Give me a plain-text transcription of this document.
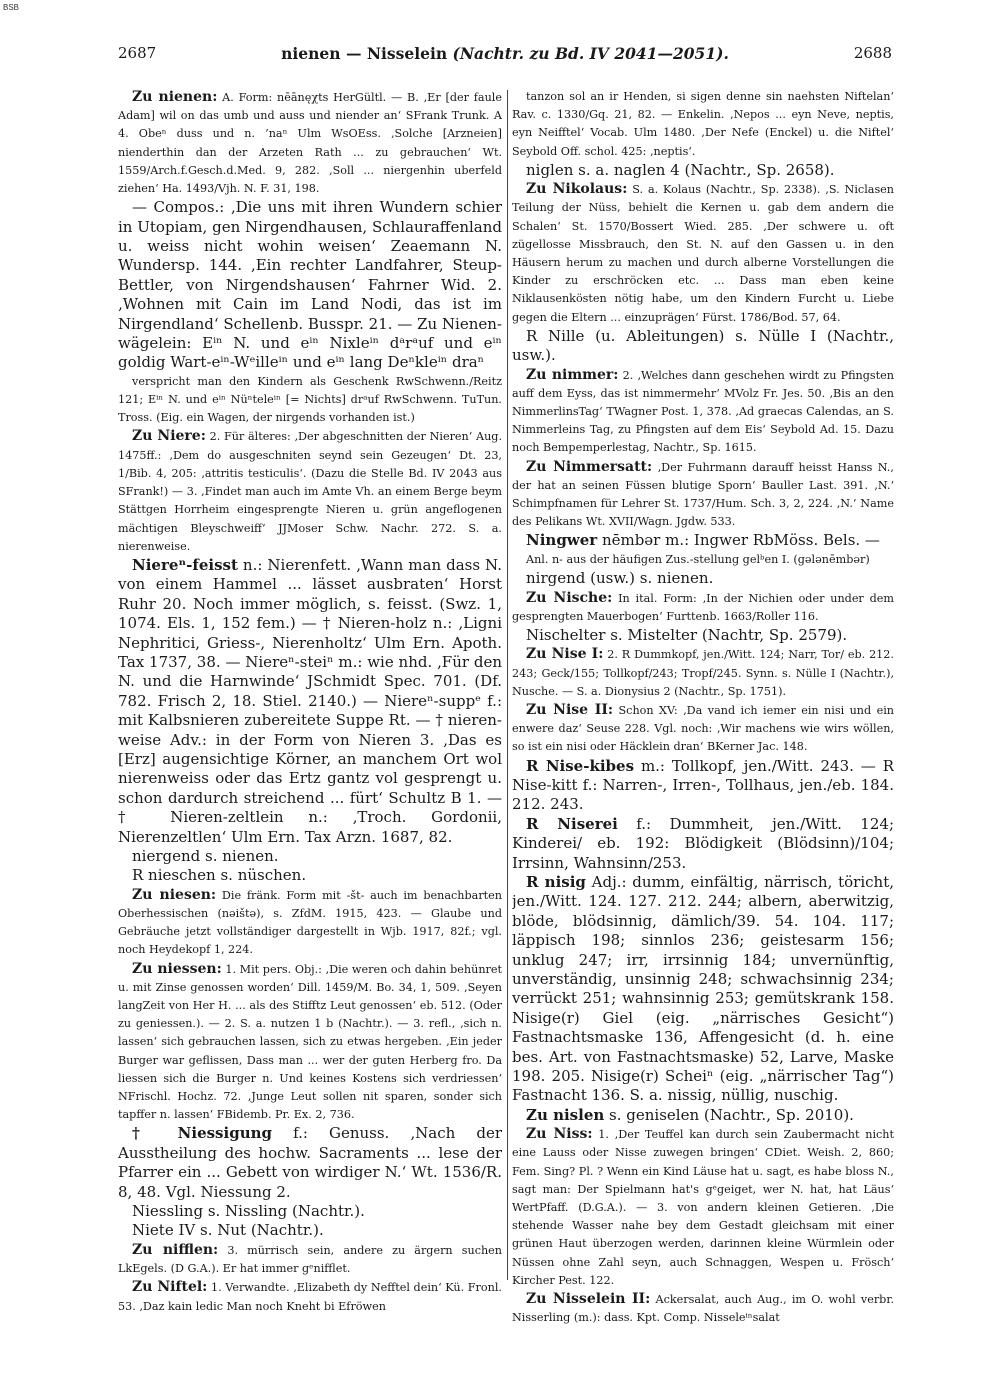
BSB
2687	nienen — Nisselein (Nachtr. zu Bd. IV 2041—2051).	2688

Zu nienen: A. Form: nēānęχts HerGültl. — B. ‚Er [der faule Adam] wil on das umb und auss und niender an‘ SFrank Trunk. A 4. Obeⁿ duss und n. ’naⁿ Ulm WsOEss. ‚Solche [Arzneien] nienderthin dan der Arzeten Rath ... zu gebrauchen‘ Wt. 1559/Arch.f.Gesch.d.Med. 9, 282. ‚Soll ... niergenhin uberfeld ziehen‘ Ha. 1493/Vjh. N. F. 31, 198.

— Compos.: ‚Die uns mit ihren Wundern schier in Utopiam, gen Nirgendhausen, Schlauraffenland u. weiss nicht wohin weisen‘ Zeaemann N. Wundersp. 144. ‚Ein rechter Landfahrer, Steup-Bettler, von Nirgendshausen‘ Fahrner Wid. 2. ‚Wohnen mit Cain im Land Nodi, das ist im Nirgendland‘ Schellenb. Busspr. 21. — Zu Nienen-wägelein: Eⁱⁿ N. und eⁱⁿ Nixleⁱⁿ dᵃrᵃuf und eⁱⁿ goldig Wart-eⁱⁿ-Wᵉilleⁱⁿ und eⁱⁿ lang Deⁿkleⁱⁿ draⁿ

verspricht man den Kindern als Geschenk RwSchwenn./Reitz 121; Eⁱⁿ N. und eⁱⁿ Nüⁿteleⁱⁿ [= Nichts] drᵃuf RwSchwenn. TuTun. Tross. (Eig. ein Wagen, der nirgends vorhanden ist.)

Zu Niere: 2. Für älteres: ‚Der abgeschnitten der Nieren‘ Aug. 1475ff.: ‚Dem do ausgeschniten seynd sein Gezeugen‘ Dt. 23, 1/Bib. 4, 205: ‚attritis testiculis‘. (Dazu die Stelle Bd. IV 2043 aus SFrank!) — 3. ‚Findet man auch im Amte Vh. an einem Berge beym Stättgen Horrheim eingesprengte Nieren u. grün angeflogenen mächtigen Bleyschweiff‘ JJMoser Schw. Nachr. 272. S. a. nierenweise.

Niereⁿ-feisst n.: Nierenfett. ‚Wann man dass N. von einem Hammel ... lässet ausbraten‘ Horst Ruhr 20. Noch immer möglich, s. feisst. (Swz. 1, 1074. Els. 1, 152 fem.) — † Nieren-holz n.: ‚Ligni Nephritici, Griess-, Nierenholtz‘ Ulm Ern. Apoth. Tax 1737, 38. — Niereⁿ-steiⁿ m.: wie nhd. ‚Für den N. und die Harnwinde‘ JSchmidt Spec. 701. (Df. 782. Frisch 2, 18. Stiel. 2140.) — Niereⁿ-suppᵉ f.: mit Kalbsnieren zubereitete Suppe Rt. — † nieren-weise Adv.: in der Form von Nieren 3. ‚Das es [Erz] augensichtige Körner, an manchem Ort wol nierenweiss oder das Ertz gantz vol gesprengt u. schon dardurch streichend ... fürt‘ Schultz B 1. — † Nieren-zeltlein n.: ‚Troch. Gordonii, Nierenzeltlen‘ Ulm Ern. Tax Arzn. 1687, 82.

niergend s. nienen.

R nieschen s. nüschen.

Zu niesen: Die fränk. Form mit -št- auch im benachbarten Oberhessischen (nəištə), s. ZfdM. 1915, 423. — Glaube und Gebräuche jetzt vollständiger dargestellt in Wjb. 1917, 82f.; vgl. noch Heydekopf 1, 224.

Zu niessen: 1. Mit pers. Obj.: ‚Die weren och dahin behünret u. mit Zinse genossen worden‘ Dill. 1459/M. Bo. 34, 1, 509. ‚Seyen langZeit von Her H. ... als des Stifftz Leut genossen‘ eb. 512. (Oder zu geniessen.). — 2. S. a. nutzen 1 b (Nachtr.). — 3. refl., ‚sich n. lassen‘ sich gebrauchen lassen, sich zu etwas hergeben. ‚Ein jeder Burger war geflissen, Dass man ... wer der guten Herberg fro. Da liessen sich die Burger n. Und keines Kostens sich verdriessen‘ NFrischl. Hochz. 72. ‚Junge Leut sollen nit sparen, sonder sich tapffer n. lassen‘ FBidemb. Pr. Ex. 2, 736.

† Niessigung f.: Genuss. ‚Nach der Ausstheilung des hochw. Sacraments ... lese der Pfarrer ein ... Gebett von wirdiger N.‘ Wt. 1536/R. 8, 48. Vgl. Niessung 2.

Niessling s. Nissling (Nachtr.).

Niete IV s. Nut (Nachtr.).

Zu nifflen: 3. mürrisch sein, andere zu ärgern suchen LkEgels. (D G.A.). Er hat immer gᵉnifflet.

Zu Niftel: 1. Verwandte. ‚Elizabeth dy Nefftel dein‘ Kü. Fronl. 53. ‚Daz kain ledic Man noch Kneht bi Efröwen

tanzon sol an ir Henden, si sigen denne sin naehsten Niftelan‘ Rav. c. 1330/Gq. 21, 82. — Enkelin. ‚Nepos ... eyn Neve, neptis, eyn Neifftel‘ Vocab. Ulm 1480. ‚Der Nefe (Enckel) u. die Niftel‘ Seybold Off. schol. 425: ‚neptis‘.

niglen s. a. naglen 4 (Nachtr., Sp. 2658).

Zu Nikolaus: S. a. Kolaus (Nachtr., Sp. 2338). ‚S. Niclasen Teilung der Nüss, behielt die Kernen u. gab dem andern die Schalen‘ St. 1570/Bossert Wied. 285. ‚Der schwere u. oft zügellosse Missbrauch, den St. N. auf den Gassen u. in den Häusern herum zu machen und durch alberne Vorstellungen die Kinder zu erschröcken etc. ... Dass man eben keine Niklausenkösten nötig habe, um den Kindern Furcht u. Liebe gegen die Eltern ... einzuprägen‘ Fürst. 1786/Bod. 57, 64.

R Nille (u. Ableitungen) s. Nülle I (Nachtr., usw.).

Zu nimmer: 2. ‚Welches dann geschehen wirdt zu Pfingsten auff dem Eyss, das ist nimmermehr‘ MVolz Fr. Jes. 50. ‚Bis an den NimmerlinsTag‘ TWagner Post. 1, 378. ‚Ad graecas Calendas, an S. Nimmerleins Tag, zu Pfingsten auf dem Eis‘ Seybold Ad. 15. Dazu noch Bempemperlestag, Nachtr., Sp. 1615.

Zu Nimmersatt: ‚Der Fuhrmann darauff heisst Hanss N., der hat an seinen Füssen blutige Sporn‘ Bauller Last. 391. ‚N.‘ Schimpfnamen für Lehrer St. 1737/Hum. Sch. 3, 2, 224. ‚N.‘ Name des Pelikans Wt. XVII/Wagn. Jgdw. 533.

Ningwer nēmbər m.: Ingwer RbMöss. Bels. —

Anl. n- aus der häufigen Zus.-stellung gelᵇen I. (gələnēmbər)

nirgend (usw.) s. nienen.

Zu Nische: In ital. Form: ‚In der Nichien oder under dem gesprengten Mauerbogen‘ Furttenb. 1663/Roller 116.

Nischelter s. Mistelter (Nachtr, Sp. 2579).

Zu Nise I: 2. R Dummkopf, jen./Witt. 124; Narr, Tor/ eb. 212. 243; Geck/155; Tollkopf/243; Tropf/245. Synn. s. Nülle I (Nachtr.), Nusche. — S. a. Dionysius 2 (Nachtr., Sp. 1751).

Zu Nise II: Schon XV: ‚Da vand ich iemer ein nisi und ein enwere daz‘ Seuse 228. Vgl. noch: ‚Wir machens wie wirs wöllen, so ist ein nisi oder Häcklein dran‘ BKerner Jac. 148.

R Nise-kibes m.: Tollkopf, jen./Witt. 243. — R Nise-kitt f.: Narren-, Irren-, Tollhaus, jen./eb. 184. 212. 243.

R Niserei f.: Dummheit, jen./Witt. 124; Kinderei/ eb. 192: Blödigkeit (Blödsinn)/104; Irrsinn, Wahnsinn/253.

R nisig Adj.: dumm, einfältig, närrisch, töricht, jen./Witt. 124. 127. 212. 244; albern, aberwitzig, blöde, blödsinnig, dämlich/39. 54. 104. 117; läppisch 198; sinnlos 236; geistesarm 156; unklug 247; irr, irrsinnig 184; unvernünftig, unverständig, unsinnig 248; schwachsinnig 234; verrückt 251; wahnsinnig 253; gemütskrank 158. Nisige(r) Giel (eig. „närrisches Gesicht“) Fastnachtsmaske 136, Affengesicht (d. h. eine bes. Art. von Fastnachtsmaske) 52, Larve, Maske 198. 205. Nisige(r) Scheiⁿ (eig. „närrischer Tag“) Fastnacht 136. S. a. nissig, nüllig, nuschig.

Zu nislen s. geniselen (Nachtr., Sp. 2010).

Zu Niss: 1. ‚Der Teuffel kan durch sein Zaubermacht nicht eine Lauss oder Nisse zuwegen bringen‘ CDiet. Weish. 2, 860; Fem. Sing? Pl. ? Wenn ein Kind Läuse hat u. sagt, es habe bloss N., sagt man: Der Spielmann hat's gᵉgeiget, wer N. hat, hat Läus‘ WertPfaff. (D.G.A.). — 3. von andern kleinen Getieren. ‚Die stehende Wasser nahe bey dem Gestadt gleichsam mit einer grünen Haut überzogen werden, darinnen kleine Würmlein oder Nüssen ohne Zahl seyn, auch Schnaggen, Wespen u. Frösch‘ Kircher Pest. 122.

Zu Nisselein II: Ackersalat, auch Aug., im O. wohl verbr. Nisserling (m.): dass. Kpt. Comp. Nisseleⁱⁿsalat
